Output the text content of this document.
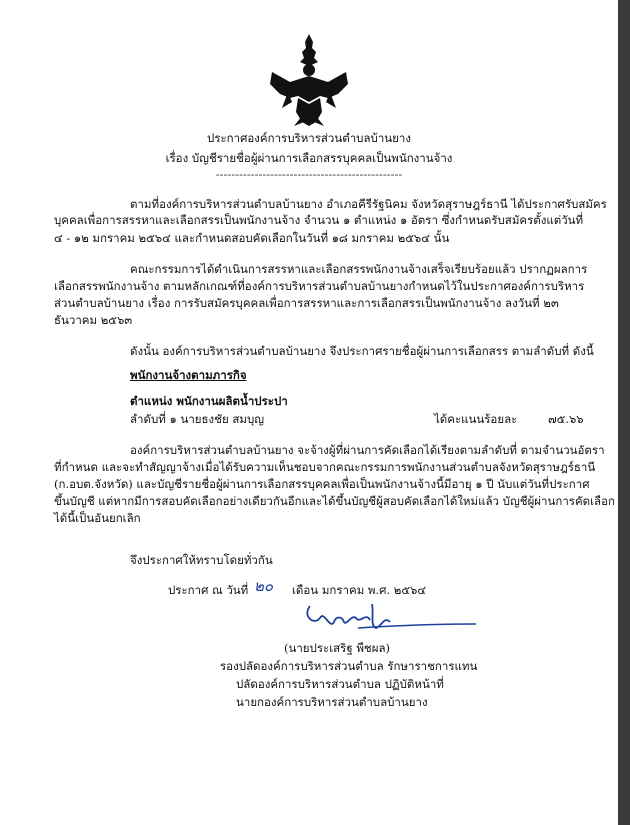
ประกาศองค์การบริหารส่วนตำบลบ้านยาง
เรื่อง บัญชีรายชื่อผู้ผ่านการเลือกสรรบุคคลเป็นพนักงานจ้าง
------------------------------------------------
ตามที่องค์การบริหารส่วนตำบลบ้านยาง อำเภอคีรีรัฐนิคม จังหวัดสุราษฎร์ธานี ได้ประกาศรับสมัคร
บุคคลเพื่อการสรรหาและเลือกสรรเป็นพนักงานจ้าง จำนวน ๑ ตำแหน่ง ๑ อัตรา ซึ่งกำหนดรับสมัครตั้งแต่วันที่
๔ - ๑๒ มกราคม ๒๕๖๔ และกำหนดสอบคัดเลือกในวันที่ ๑๘ มกราคม ๒๕๖๔ นั้น
คณะกรรมการได้ดำเนินการสรรหาและเลือกสรรพนักงานจ้างเสร็จเรียบร้อยแล้ว ปรากฏผลการ
เลือกสรรพนักงานจ้าง ตามหลักเกณฑ์ที่องค์การบริหารส่วนตำบลบ้านยางกำหนดไว้ในประกาศองค์การบริหาร
ส่วนตำบลบ้านยาง เรื่อง การรับสมัครบุคคลเพื่อการสรรหาและการเลือกสรรเป็นพนักงานจ้าง ลงวันที่ ๒๓
ธันวาคม ๒๕๖๓
ดังนั้น องค์การบริหารส่วนตำบลบ้านยาง จึงประกาศรายชื่อผู้ผ่านการเลือกสรร ตามลำดับที่ ดังนี้
พนักงานจ้างตามภารกิจ
ตำแหน่ง พนักงานผลิตน้ำประปา
ลำดับที่ ๑ นายธงชัย สมบุญ	ได้คะแนนร้อยละ	๗๕.๖๖
องค์การบริหารส่วนตำบลบ้านยาง จะจ้างผู้ที่ผ่านการคัดเลือกได้เรียงตามลำดับที่ ตามจำนวนอัตรา
ที่กำหนด และจะทำสัญญาจ้างเมื่อได้รับความเห็นชอบจากคณะกรรมการพนักงานส่วนตำบลจังหวัดสุราษฎร์ธานี
(ก.อบต.จังหวัด) และบัญชีรายชื่อผู้ผ่านการเลือกสรรบุคคลเพื่อเป็นพนักงานจ้างนี้มีอายุ ๑ ปี นับแต่วันที่ประกาศ
ขึ้นบัญชี แต่หากมีการสอบคัดเลือกอย่างเดียวกันอีกและได้ขึ้นบัญชีผู้สอบคัดเลือกได้ใหม่แล้ว บัญชีผู้ผ่านการคัดเลือก
ได้นี้เป็นอันยกเลิก
จึงประกาศให้ทราบโดยทั่วกัน
ประกาศ ณ วันที่ ๒๐ เดือน มกราคม พ.ศ. ๒๕๖๔
(นายประเสริฐ พืชผล)
รองปลัดองค์การบริหารส่วนตำบล รักษาราชการแทน
ปลัดองค์การบริหารส่วนตำบล ปฏิบัติหน้าที่
นายกองค์การบริหารส่วนตำบลบ้านยาง
